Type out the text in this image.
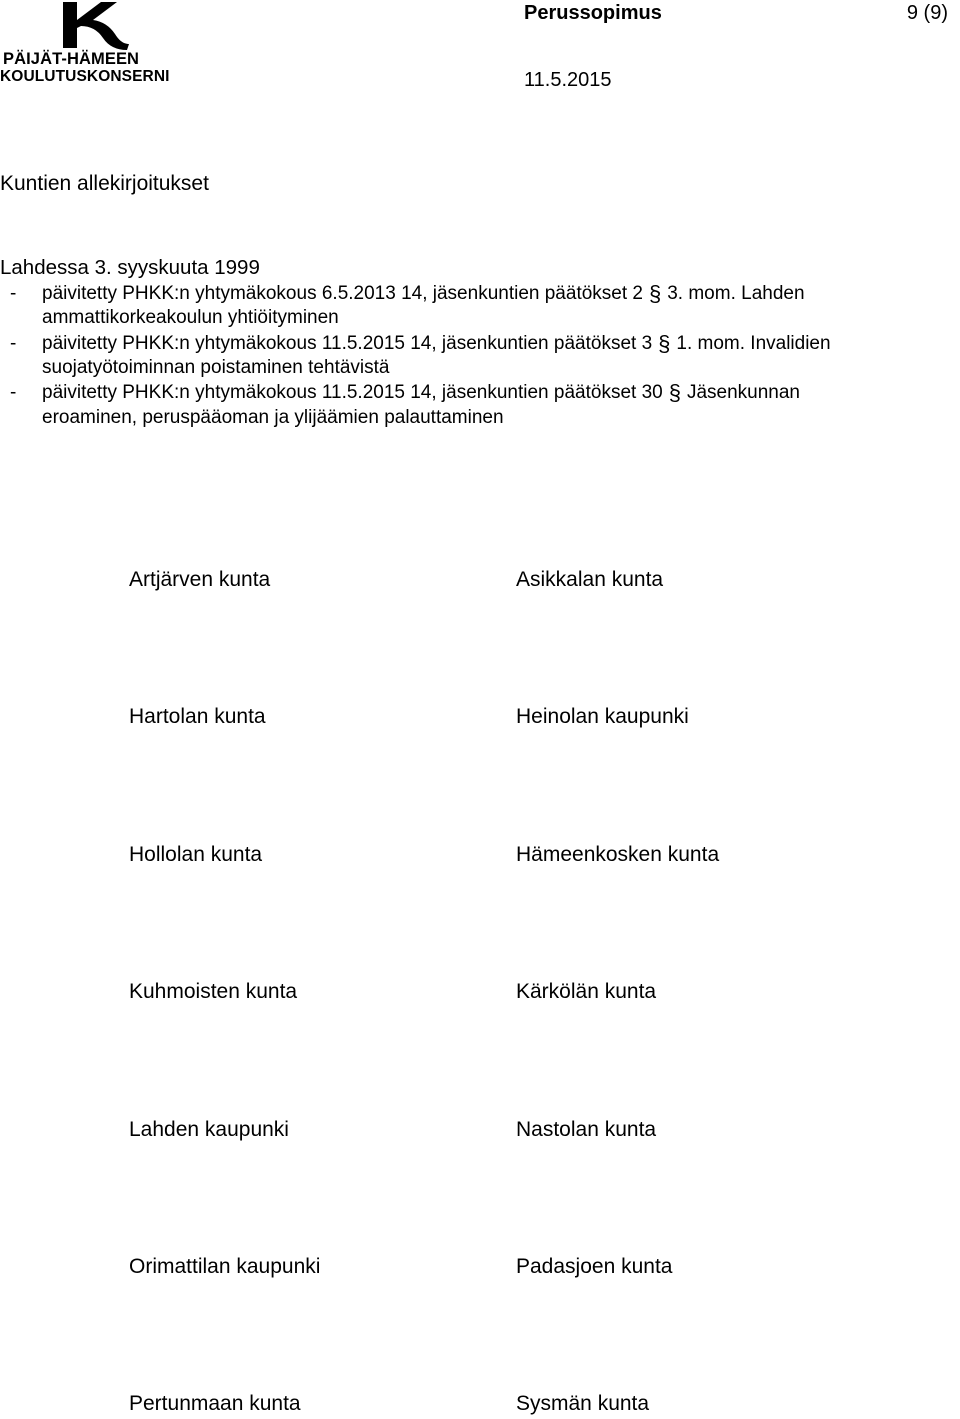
PÄIJÄT-HÄMEEN
KOULUTUSKONSERNI
Perussopimus	9 (9)
11.5.2015
Kuntien allekirjoitukset
Lahdessa 3. syyskuuta 1999
- päivitetty PHKK:n yhtymäkokous 6.5.2013 14, jäsenkuntien päätökset 2 § 3. mom. Lahden
ammattikorkeakoulun yhtiöityminen
- päivitetty PHKK:n yhtymäkokous 11.5.2015 14, jäsenkuntien päätökset 3 § 1. mom. Invalidien
suojatyötoiminnan poistaminen tehtävistä
- päivitetty PHKK:n yhtymäkokous 11.5.2015 14, jäsenkuntien päätökset 30 § Jäsenkunnan
eroaminen, peruspääoman ja ylijäämien palauttaminen
Artjärven kunta	Asikkalan kunta
Hartolan kunta	Heinolan kaupunki
Hollolan kunta	Hämeenkosken kunta
Kuhmoisten kunta	Kärkölän kunta
Lahden kaupunki	Nastolan kunta
Orimattilan kaupunki	Padasjoen kunta
Pertunmaan kunta	Sysmän kunta
